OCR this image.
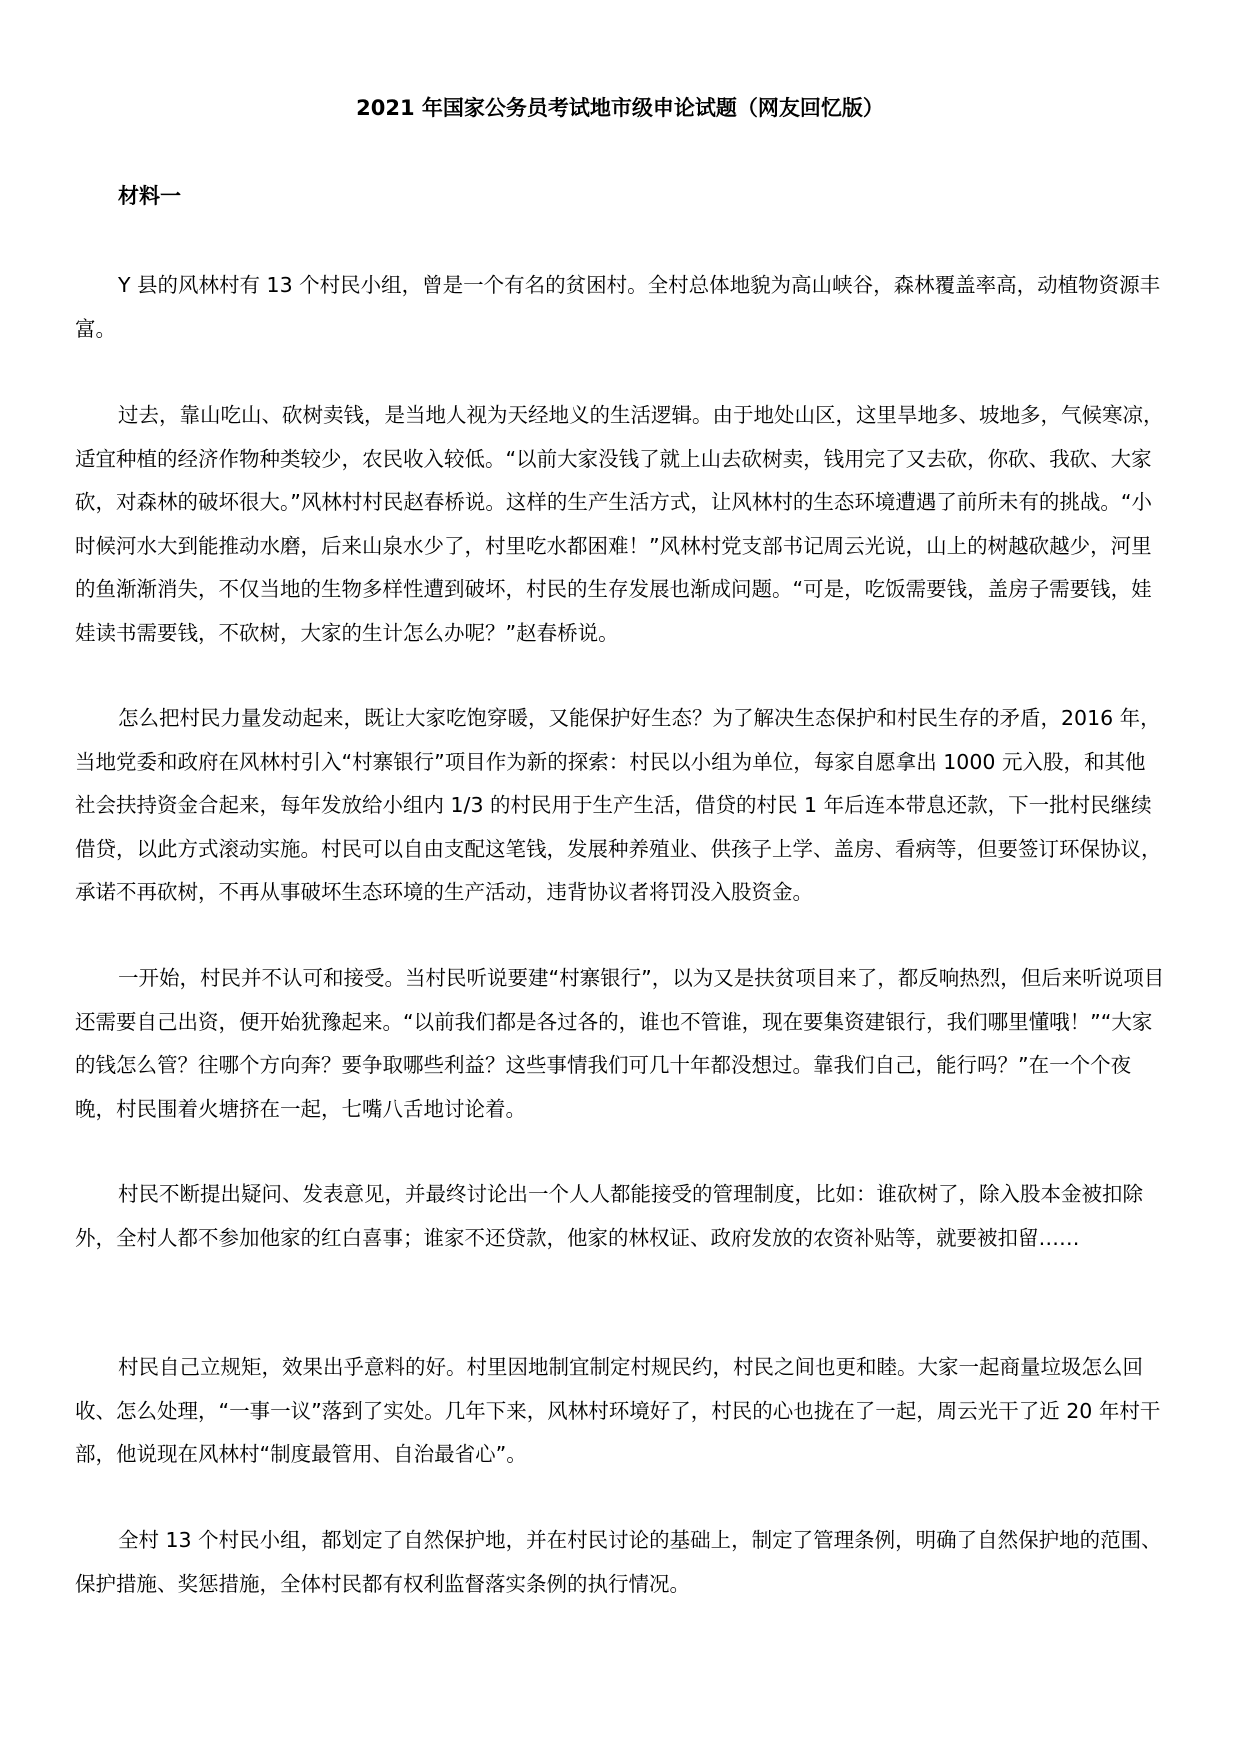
2021 年国家公务员考试地市级申论试题（网友回忆版）
材料一

Y 县的风林村有 13 个村民小组，曾是一个有名的贫困村。全村总体地貌为高山峡谷，森林覆盖率高，动植物资源丰富。

过去，靠山吃山、砍树卖钱，是当地人视为天经地义的生活逻辑。由于地处山区，这里旱地多、坡地多，气候寒凉，适宜种植的经济作物种类较少，农民收入较低。“以前大家没钱了就上山去砍树卖，钱用完了又去砍，你砍、我砍、大家砍，对森林的破坏很大。”风林村村民赵春桥说。这样的生产生活方式，让风林村的生态环境遭遇了前所未有的挑战。“小时候河水大到能推动水磨，后来山泉水少了，村里吃水都困难！”风林村党支部书记周云光说，山上的树越砍越少，河里的鱼渐渐消失，不仅当地的生物多样性遭到破坏，村民的生存发展也渐成问题。“可是，吃饭需要钱，盖房子需要钱，娃娃读书需要钱，不砍树，大家的生计怎么办呢？”赵春桥说。

怎么把村民力量发动起来，既让大家吃饱穿暖，又能保护好生态？为了解决生态保护和村民生存的矛盾，2016 年，当地党委和政府在风林村引入“村寨银行”项目作为新的探索：村民以小组为单位，每家自愿拿出 1000 元入股，和其他社会扶持资金合起来，每年发放给小组内 1/3 的村民用于生产生活，借贷的村民 1 年后连本带息还款，下一批村民继续借贷，以此方式滚动实施。村民可以自由支配这笔钱，发展种养殖业、供孩子上学、盖房、看病等，但要签订环保协议，承诺不再砍树，不再从事破坏生态环境的生产活动，违背协议者将罚没入股资金。

一开始，村民并不认可和接受。当村民听说要建“村寨银行”，以为又是扶贫项目来了，都反响热烈，但后来听说项目还需要自己出资，便开始犹豫起来。“以前我们都是各过各的，谁也不管谁，现在要集资建银行，我们哪里懂哦！”“大家的钱怎么管？往哪个方向奔？要争取哪些利益？这些事情我们可几十年都没想过。靠我们自己，能行吗？”在一个个夜晚，村民围着火塘挤在一起，七嘴八舌地讨论着。

村民不断提出疑问、发表意见，并最终讨论出一个人人都能接受的管理制度，比如：谁砍树了，除入股本金被扣除外，全村人都不参加他家的红白喜事；谁家不还贷款，他家的林权证、政府发放的农资补贴等，就要被扣留……

村民自己立规矩，效果出乎意料的好。村里因地制宜制定村规民约，村民之间也更和睦。大家一起商量垃圾怎么回收、怎么处理，“一事一议”落到了实处。几年下来，风林村环境好了，村民的心也拢在了一起，周云光干了近 20 年村干部，他说现在风林村“制度最管用、自治最省心”。

全村 13 个村民小组，都划定了自然保护地，并在村民讨论的基础上，制定了管理条例，明确了自然保护地的范围、保护措施、奖惩措施，全体村民都有权利监督落实条例的执行情况。
